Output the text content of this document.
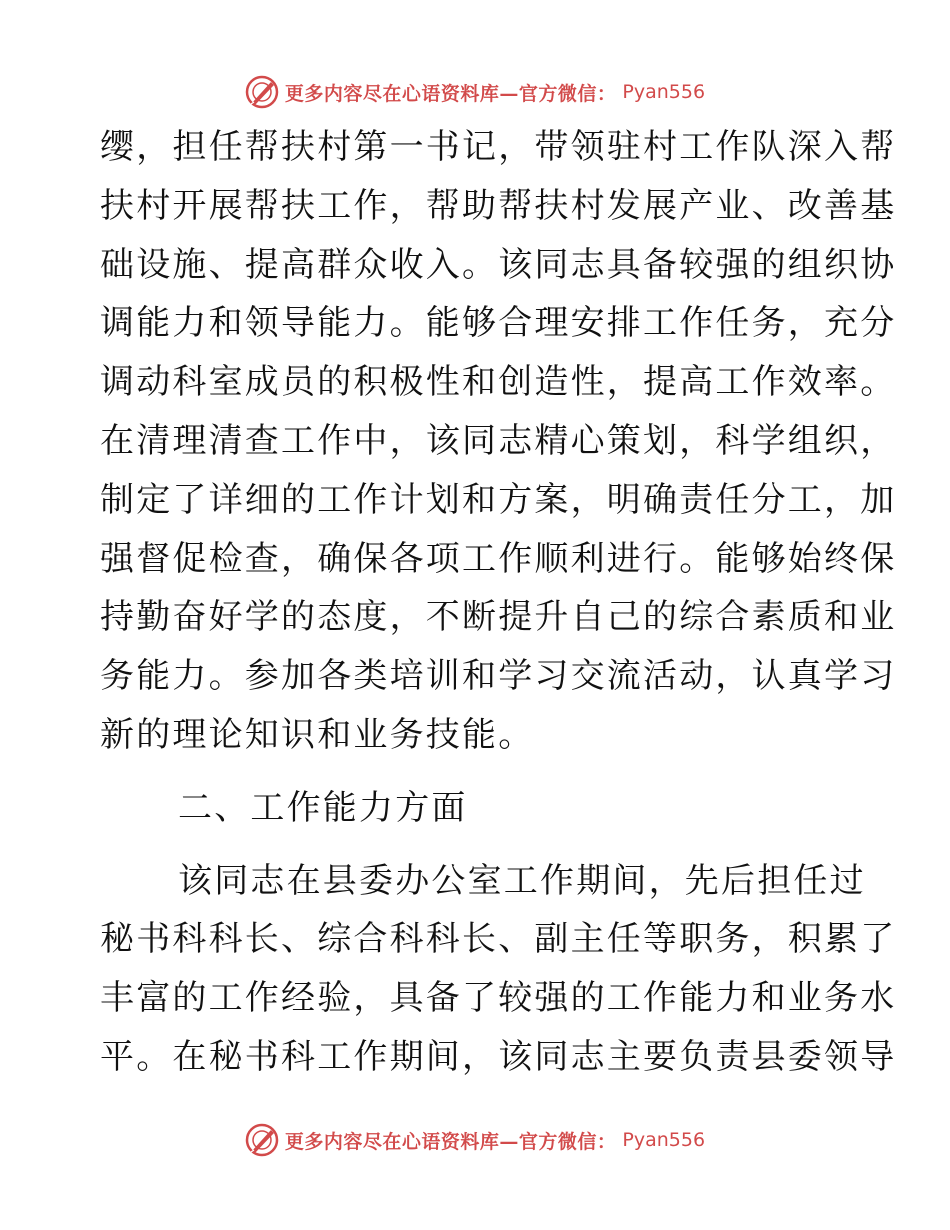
更多内容尽在心语资料库—官方微信： Pyan556
缨，担任帮扶村第一书记，带领驻村工作队深入帮
扶村开展帮扶工作，帮助帮扶村发展产业、改善基
础设施、提高群众收入。该同志具备较强的组织协
调能力和领导能力。能够合理安排工作任务，充分
调动科室成员的积极性和创造性，提高工作效率。
在清理清查工作中，该同志精心策划，科学组织，
制定了详细的工作计划和方案，明确责任分工，加
强督促检查，确保各项工作顺利进行。能够始终保
持勤奋好学的态度，不断提升自己的综合素质和业
务能力。参加各类培训和学习交流活动，认真学习
新的理论知识和业务技能。
二、工作能力方面
该同志在县委办公室工作期间，先后担任过
秘书科科长、综合科科长、副主任等职务，积累了
丰富的工作经验，具备了较强的工作能力和业务水
平。在秘书科工作期间，该同志主要负责县委领导
更多内容尽在心语资料库—官方微信： Pyan556
